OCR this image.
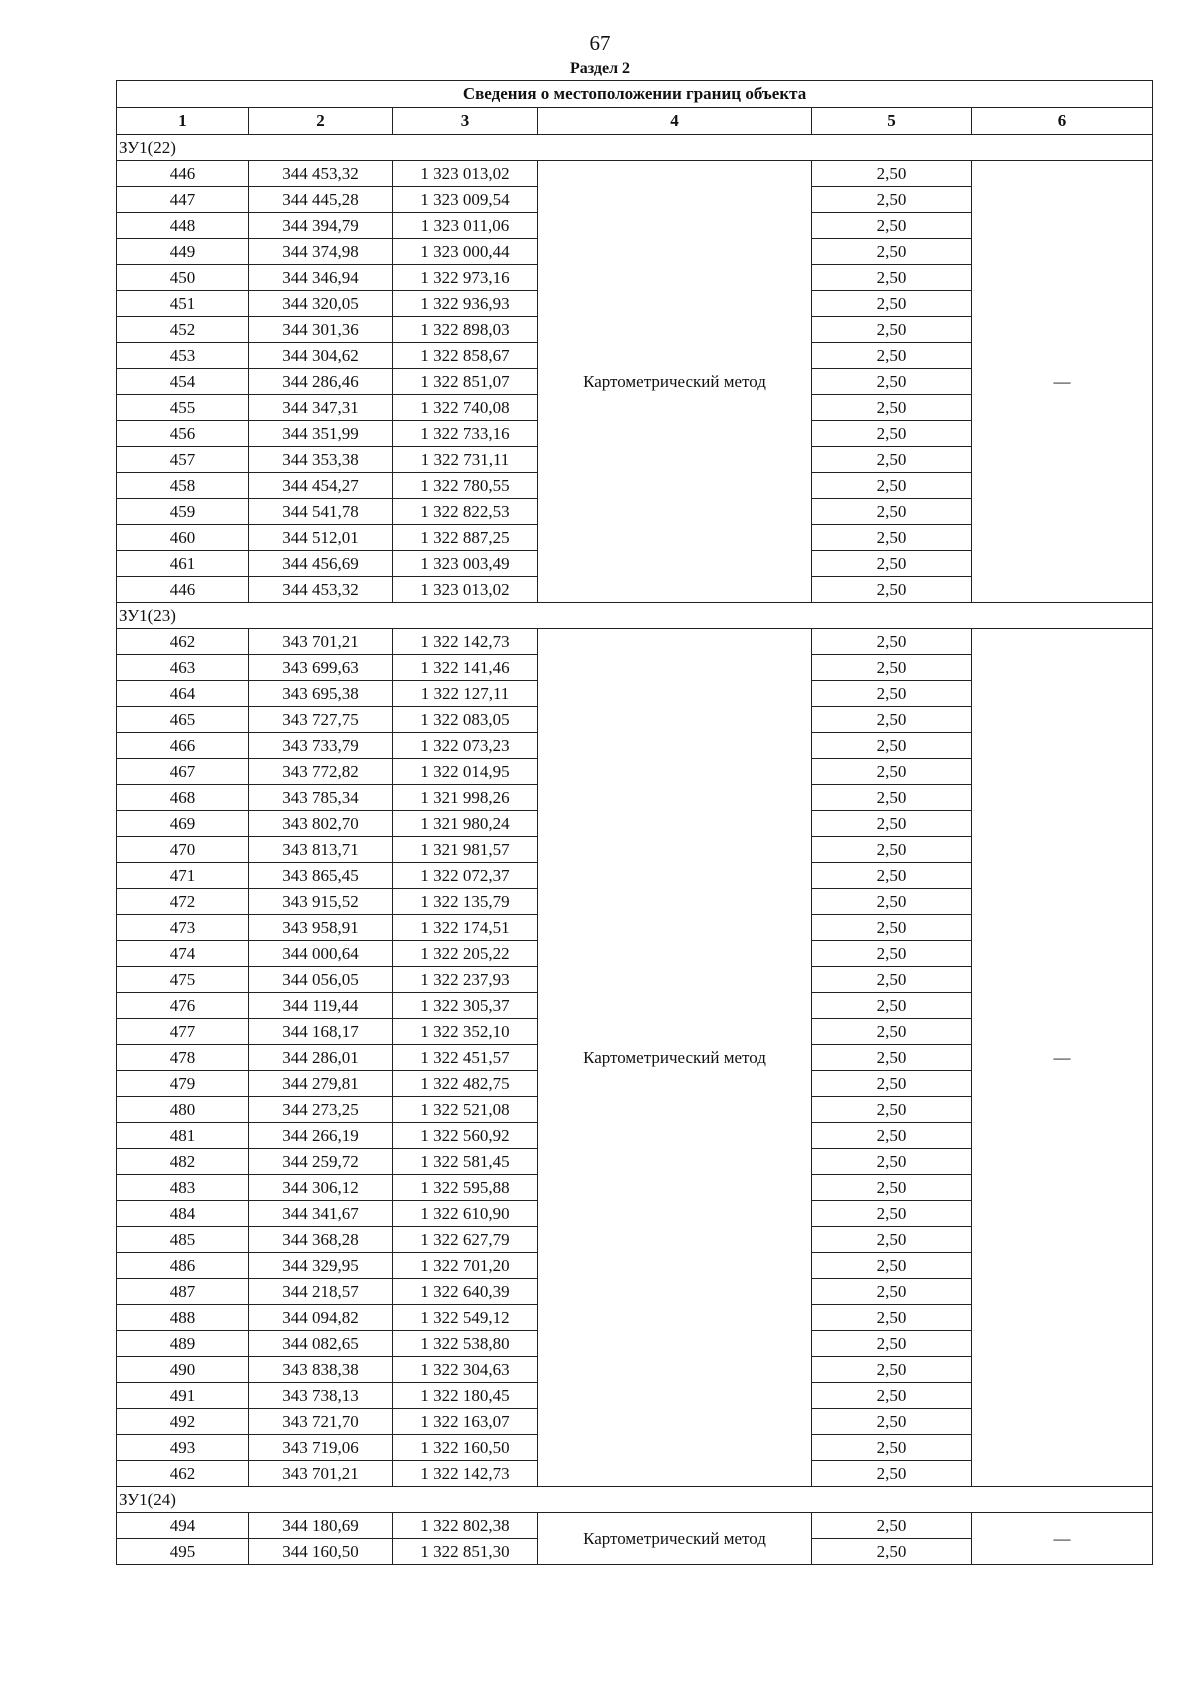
67
Раздел 2
Сведения о местоположении границ объекта					
1	2	3	4	5	6
ЗУ1(22)					
446	344 453,32	1 323 013,02	Картометрический метод	2,50	—
447	344 445,28	1 323 009,54		2,50	
448	344 394,79	1 323 011,06		2,50	
449	344 374,98	1 323 000,44		2,50	
450	344 346,94	1 322 973,16		2,50	
451	344 320,05	1 322 936,93		2,50	
452	344 301,36	1 322 898,03		2,50	
453	344 304,62	1 322 858,67		2,50	
454	344 286,46	1 322 851,07		2,50	
455	344 347,31	1 322 740,08		2,50	
456	344 351,99	1 322 733,16		2,50	
457	344 353,38	1 322 731,11		2,50	
458	344 454,27	1 322 780,55		2,50	
459	344 541,78	1 322 822,53		2,50	
460	344 512,01	1 322 887,25		2,50	
461	344 456,69	1 323 003,49		2,50	
446	344 453,32	1 323 013,02		2,50	
ЗУ1(23)					
462	343 701,21	1 322 142,73	Картометрический метод	2,50	—
463	343 699,63	1 322 141,46		2,50	
464	343 695,38	1 322 127,11		2,50	
465	343 727,75	1 322 083,05		2,50	
466	343 733,79	1 322 073,23		2,50	
467	343 772,82	1 322 014,95		2,50	
468	343 785,34	1 321 998,26		2,50	
469	343 802,70	1 321 980,24		2,50	
470	343 813,71	1 321 981,57		2,50	
471	343 865,45	1 322 072,37		2,50	
472	343 915,52	1 322 135,79		2,50	
473	343 958,91	1 322 174,51		2,50	
474	344 000,64	1 322 205,22		2,50	
475	344 056,05	1 322 237,93		2,50	
476	344 119,44	1 322 305,37		2,50	
477	344 168,17	1 322 352,10		2,50	
478	344 286,01	1 322 451,57		2,50	
479	344 279,81	1 322 482,75		2,50	
480	344 273,25	1 322 521,08		2,50	
481	344 266,19	1 322 560,92		2,50	
482	344 259,72	1 322 581,45		2,50	
483	344 306,12	1 322 595,88		2,50	
484	344 341,67	1 322 610,90		2,50	
485	344 368,28	1 322 627,79		2,50	
486	344 329,95	1 322 701,20		2,50	
487	344 218,57	1 322 640,39		2,50	
488	344 094,82	1 322 549,12		2,50	
489	344 082,65	1 322 538,80		2,50	
490	343 838,38	1 322 304,63		2,50	
491	343 738,13	1 322 180,45		2,50	
492	343 721,70	1 322 163,07		2,50	
493	343 719,06	1 322 160,50		2,50	
462	343 701,21	1 322 142,73		2,50	
ЗУ1(24)					
494	344 180,69	1 322 802,38	Картометрический метод	2,50	—
495	344 160,50	1 322 851,30		2,50	
